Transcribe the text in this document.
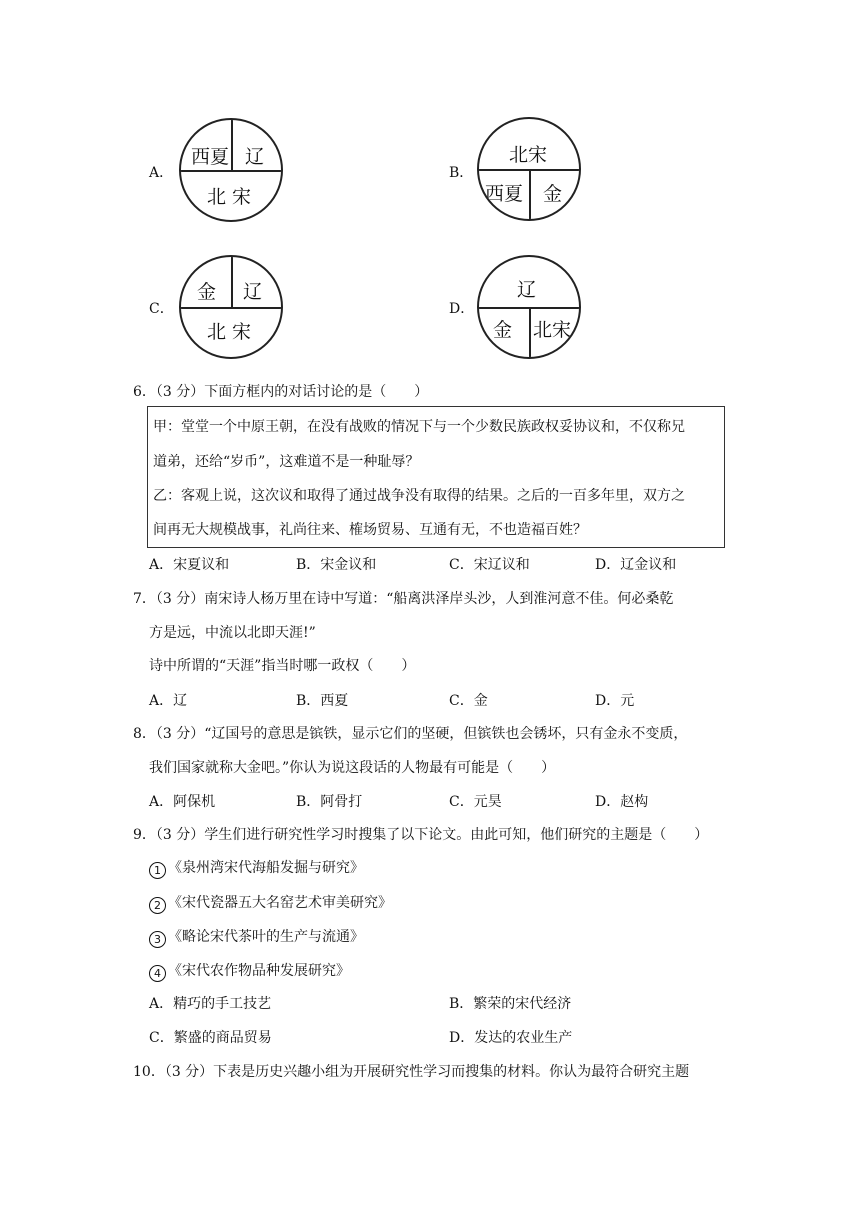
A．
西夏 辽
北 宋
B．
北宋
西夏 金
C．
金 辽
北 宋
D．
辽
金 北宋
6．（3 分）下面方框内的对话讨论的是（　　）
甲：堂堂一个中原王朝，在没有战败的情况下与一个少数民族政权妥协议和，不仅称兄
道弟，还给“岁币”，这难道不是一种耻辱？
乙：客观上说，这次议和取得了通过战争没有取得的结果。之后的一百多年里，双方之
间再无大规模战事，礼尚往来、榷场贸易、互通有无，不也造福百姓？
A．宋夏议和	B．宋金议和	C．宋辽议和	D．辽金议和
7．（3 分）南宋诗人杨万里在诗中写道：“船离洪泽岸头沙，人到淮河意不佳。何必桑乾
方是远，中流以北即天涯!”
诗中所谓的“天涯”指当时哪一政权（　　）
A．辽	B．西夏	C．金	D．元
8．（3 分）“辽国号的意思是镔铁，显示它们的坚硬，但镔铁也会锈坏，只有金永不变质，
我们国家就称大金吧。”你认为说这段话的人物最有可能是（　　）
A．阿保机	B．阿骨打	C．元昊	D．赵构
9．（3 分）学生们进行研究性学习时搜集了以下论文。由此可知，他们研究的主题是（　　）
1 《泉州湾宋代海船发掘与研究》
2 《宋代瓷器五大名窑艺术审美研究》
3 《略论宋代茶叶的生产与流通》
4 《宋代农作物品种发展研究》
A．精巧的手工技艺	B．繁荣的宋代经济
C．繁盛的商品贸易	D．发达的农业生产
10．（3 分）下表是历史兴趣小组为开展研究性学习而搜集的材料。你认为最符合研究主题
